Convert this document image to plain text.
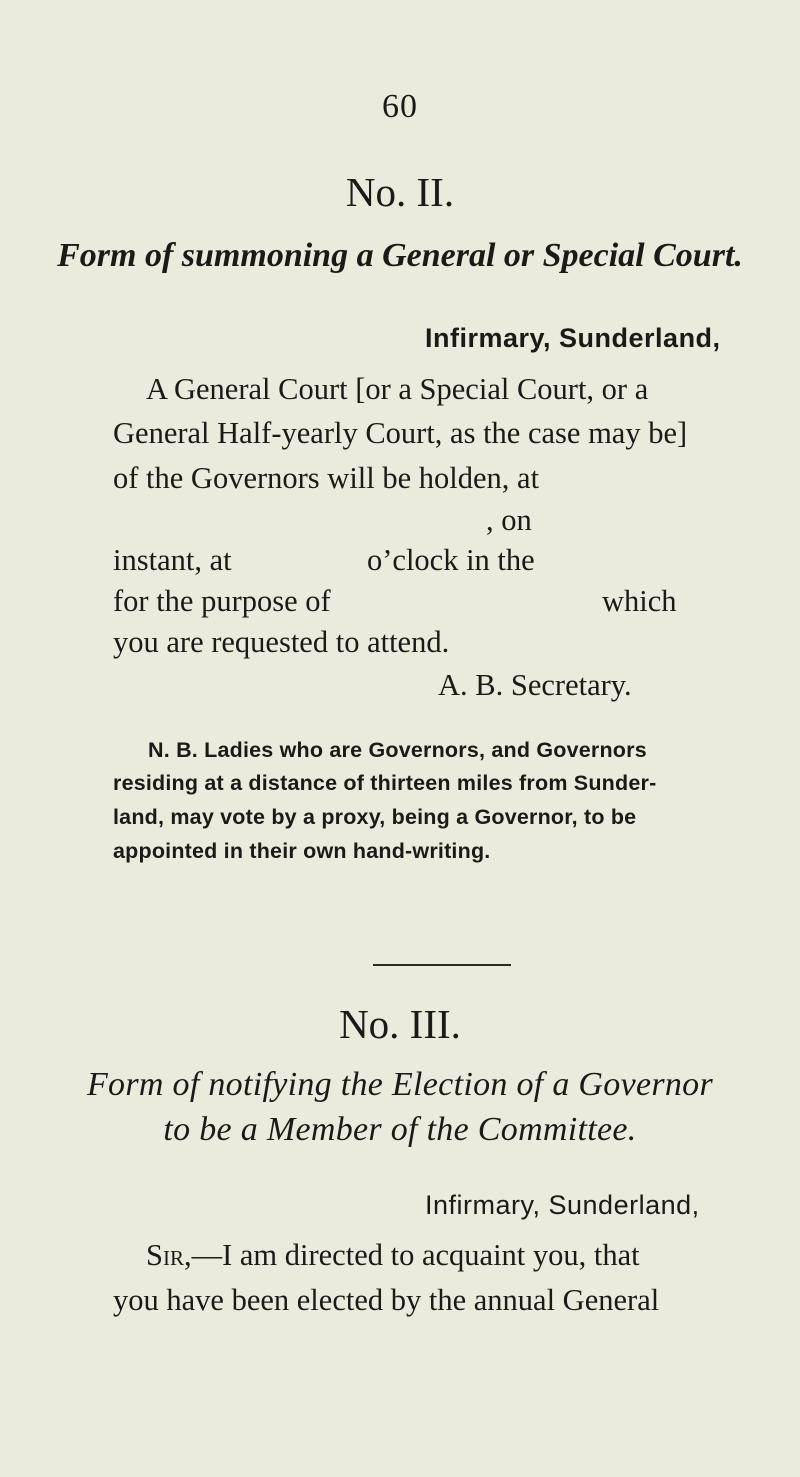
60
No. II.
Form of summoning a General or Special Court.
Infirmary, Sunderland,
A General Court [or a Special Court, or a
General Half-yearly Court, as the case may be]
of the Governors will be holden, at
, on
instant, at	o’clock in the
for the purpose of	which
you are requested to attend.
A. B. Secretary.
N. B. Ladies who are Governors, and Governors
residing at a distance of thirteen miles from Sunder-
land, may vote by a proxy, being a Governor, to be
appointed in their own hand-writing.
No. III.
Form of notifying the Election of a Governor
to be a Member of the Committee.
Infirmary, Sunderland,
Sir,—I am directed to acquaint you, that
you have been elected by the annual General
